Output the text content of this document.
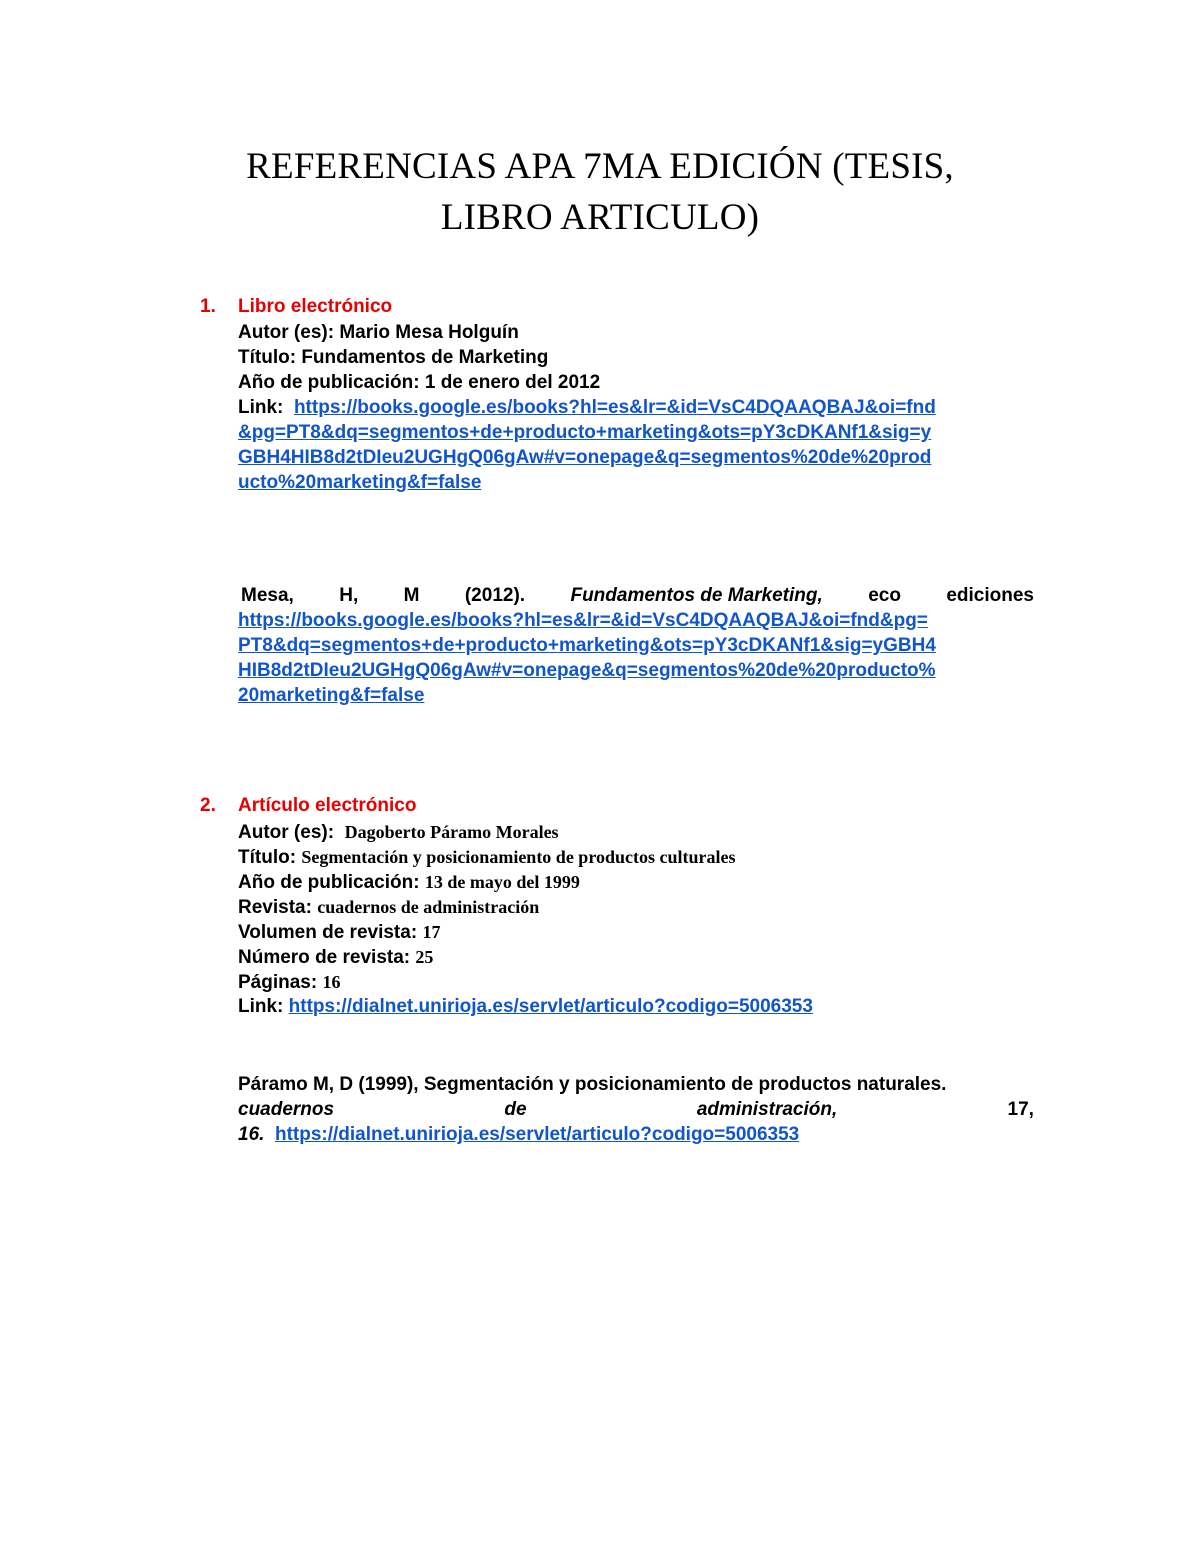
REFERENCIAS APA 7MA EDICIÓN (TESIS,
LIBRO ARTICULO)
1. Libro electrónico
Autor (es): Mario Mesa Holguín
Título: Fundamentos de Marketing
Año de publicación: 1 de enero del 2012
Link: https://books.google.es/books?hl=es&lr=&id=VsC4DQAAQBAJ&oi=fnd
&pg=PT8&dq=segmentos+de+producto+marketing&ots=pY3cDKANf1&sig=y
GBH4HIB8d2tDIeu2UGHgQ06gAw#v=onepage&q=segmentos%20de%20prod
ucto%20marketing&f=false
Mesa, H, M (2012). Fundamentos de Marketing, eco ediciones
https://books.google.es/books?hl=es&lr=&id=VsC4DQAAQBAJ&oi=fnd&pg=
PT8&dq=segmentos+de+producto+marketing&ots=pY3cDKANf1&sig=yGBH4
HIB8d2tDIeu2UGHgQ06gAw#v=onepage&q=segmentos%20de%20producto%
20marketing&f=false
2. Artículo electrónico
Autor (es): Dagoberto Páramo Morales
Título: Segmentación y posicionamiento de productos culturales
Año de publicación: 13 de mayo del 1999
Revista: cuadernos de administración
Volumen de revista: 17
Número de revista: 25
Páginas: 16
Link: https://dialnet.unirioja.es/servlet/articulo?codigo=5006353
Páramo M, D (1999), Segmentación y posicionamiento de productos naturales.
cuadernos	de	administración,	17,
16. https://dialnet.unirioja.es/servlet/articulo?codigo=5006353
